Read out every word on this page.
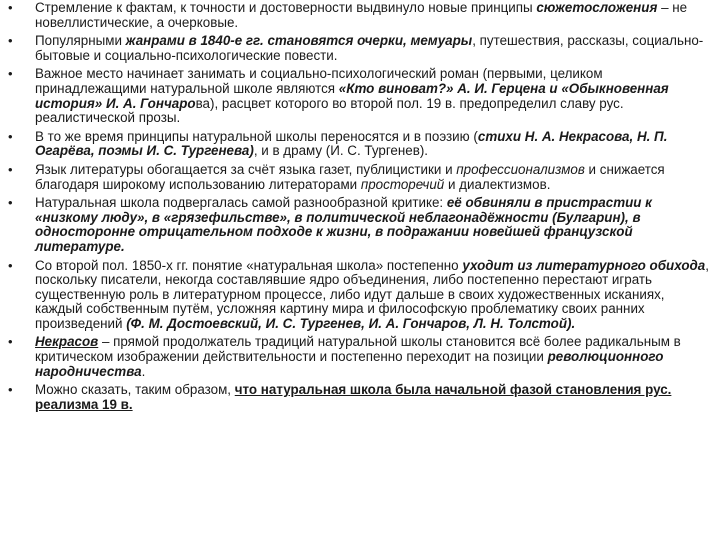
• Стремление к фактам, к точности и достоверности выдвинуло новые принципы сюжетосложения – не новеллистические, а очерковые.
• Популярными жанрами в 1840-е гг. становятся очерки, мемуары, путешествия, рассказы, социально-бытовые и социально-психологические повести.
• Важное место начинает занимать и социально-психологический роман (первыми, целиком принадлежащими натуральной школе являются «Кто виноват?» А. И. Герцена и «Обыкновенная история» И. А. Гончарова), расцвет которого во второй пол. 19 в. предопределил славу рус. реалистической прозы.
• В то же время принципы натуральной школы переносятся и в поэзию (стихи Н. А. Некрасова, Н. П. Огарёва, поэмы И. С. Тургенева), и в драму (И. С. Тургенев).
• Язык литературы обогащается за счёт языка газет, публицистики и профессионализмов и снижается благодаря широкому использованию литераторами просторечий и диалектизмов.
• Натуральная школа подвергалась самой разнообразной критике: её обвиняли в пристрастии к «низкому люду», в «грязефильстве», в политической неблагонадёжности (Булгарин), в односторонне отрицательном подходе к жизни, в подражании новейшей французской литературе.
• Со второй пол. 1850-х гг. понятие «натуральная школа» постепенно уходит из литературного обихода, поскольку писатели, некогда составлявшие ядро объединения, либо постепенно перестают играть существенную роль в литературном процессе, либо идут дальше в своих художественных исканиях, каждый собственным путём, усложняя картину мира и философскую проблематику своих ранних произведений (Ф. М. Достоевский, И. С. Тургенев, И. А. Гончаров, Л. Н. Толстой).
• Некрасов – прямой продолжатель традиций натуральной школы становится всё более радикальным в критическом изображении действительности и постепенно переходит на позиции революционного народничества.
• Можно сказать, таким образом, что натуральная школа была начальной фазой становления рус. реализма 19 в.
